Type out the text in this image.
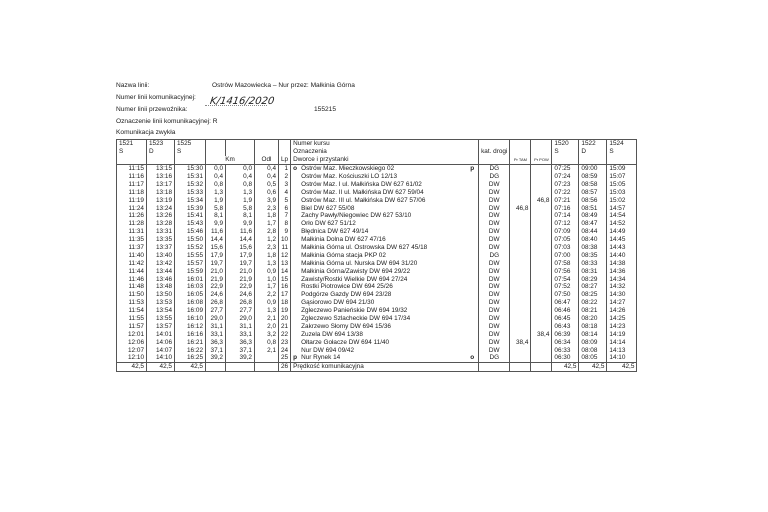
Nazwa linii:	Ostrów Mazowiecka – Nur przez: Małkinia Górna
Numer linii komunikacyjnej: K/1416/2020
Numer linii przewoźnika:	155215
Oznaczenie linii komunikacyjnej: R
Komunikacja zwykła
1521	1523	1525					Numer kursu				1520	1522	1524
S	D	S					Oznaczenia	kat. drogi			S	D	S
			Km		Odl	Lp	Dworce i przystanki		Pr TAM	Pr POW			
11:15	13:15	15:30	0,0	0,0	0,4	1	o Ostrów Maz. Mieczkowskiego 02 p	DG			07:25	09:00	15:09
11:16	13:16	15:31	0,4	0,4	0,4	2	Ostrów Maz. Kościuszki LO 12/13	DG			07:24	08:59	15:07
11:17	13:17	15:32	0,8	0,8	0,5	3	Ostrów Maz. I ul. Małkińska DW 627 61/02	DW			07:23	08:58	15:05
11:18	13:18	15:33	1,3	1,3	0,6	4	Ostrów Maz. II ul. Małkińska DW 627 59/04	DW			07:22	08:57	15:03
11:19	13:19	15:34	1,9	1,9	3,9	5	Ostrów Maz. III ul. Małkińska DW 627 57/06	DW		46,8	07:21	08:56	15:02
11:24	13:24	15:39	5,8	5,8	2,3	6	Biel DW 627 55/08	DW	46,8		07:16	08:51	14:57
11:26	13:26	15:41	8,1	8,1	1,8	7	Zachy Pawły/Niegowiec DW 627 53/10	DW			07:14	08:49	14:54
11:28	13:28	15:43	9,9	9,9	1,7	8	Orło DW 627 51/12	DW			07:12	08:47	14:52
11:31	13:31	15:46	11,6	11,6	2,8	9	Błędnica DW 627 49/14	DW			07:09	08:44	14:49
11:35	13:35	15:50	14,4	14,4	1,2	10	Małkinia Dolna DW 627 47/16	DW			07:05	08:40	14:45
11:37	13:37	15:52	15,6	15,6	2,3	11	Małkinia Górna ul. Ostrowska DW 627 45/18	DW			07:03	08:38	14:43
11:40	13:40	15:55	17,9	17,9	1,8	12	Małkinia Górna stacja PKP 02	DG			07:00	08:35	14:40
11:42	13:42	15:57	19,7	19,7	1,3	13	Małkinia Górna ul. Nurska DW 694 31/20	DW			07:58	08:33	14:38
11:44	13:44	15:59	21,0	21,0	0,9	14	Małkinia Górna/Zawisty DW 694 29/22	DW			07:56	08:31	14:36
11:46	13:46	16:01	21,9	21,9	1,0	15	Zawisty/Rostki Wielkie DW 694 27/24	DW			07:54	08:29	14:34
11:48	13:48	16:03	22,9	22,9	1,7	16	Rostki Piotrowice DW 694 25/26	DW			07:52	08:27	14:32
11:50	13:50	16:05	24,6	24,6	2,2	17	Podgórze Gazdy DW 694 23/28	DW			07:50	08:25	14:30
11:53	13:53	16:08	26,8	26,8	0,9	18	Gąsiorowo DW 694 21/30	DW			06:47	08:22	14:27
11:54	13:54	16:09	27,7	27,7	1,3	19	Zgleczewo Panieńskie DW 694 19/32	DW			06:46	08:21	14:26
11:55	13:55	16:10	29,0	29,0	2,1	20	Zgleczewo Szlacheckie DW 694 17/34	DW			06:45	08:20	14:25
11:57	13:57	16:12	31,1	31,1	2,0	21	Zakrzewo Słomy DW 694 15/36	DW			06:43	08:18	14:23
12:01	14:01	16:16	33,1	33,1	3,2	22	Zuzela DW 694 13/38	DW		38,4	06:39	08:14	14:19
12:06	14:06	16:21	36,3	36,3	0,8	23	Ołtarze Gołacze DW 694 11/40	DW	38,4		06:34	08:09	14:14
12:07	14:07	16:22	37,1	37,1	2,1	24	Nur DW 694 09/42	DW			06:33	08:08	14:13
12:10	14:10	16:25	39,2	39,2		25	p Nur Rynek 14 o	DG			06:30	08:05	14:10
42,5	42,5	42,5				26	Prędkość komunikacyjna				42,5	42,5	42,5
